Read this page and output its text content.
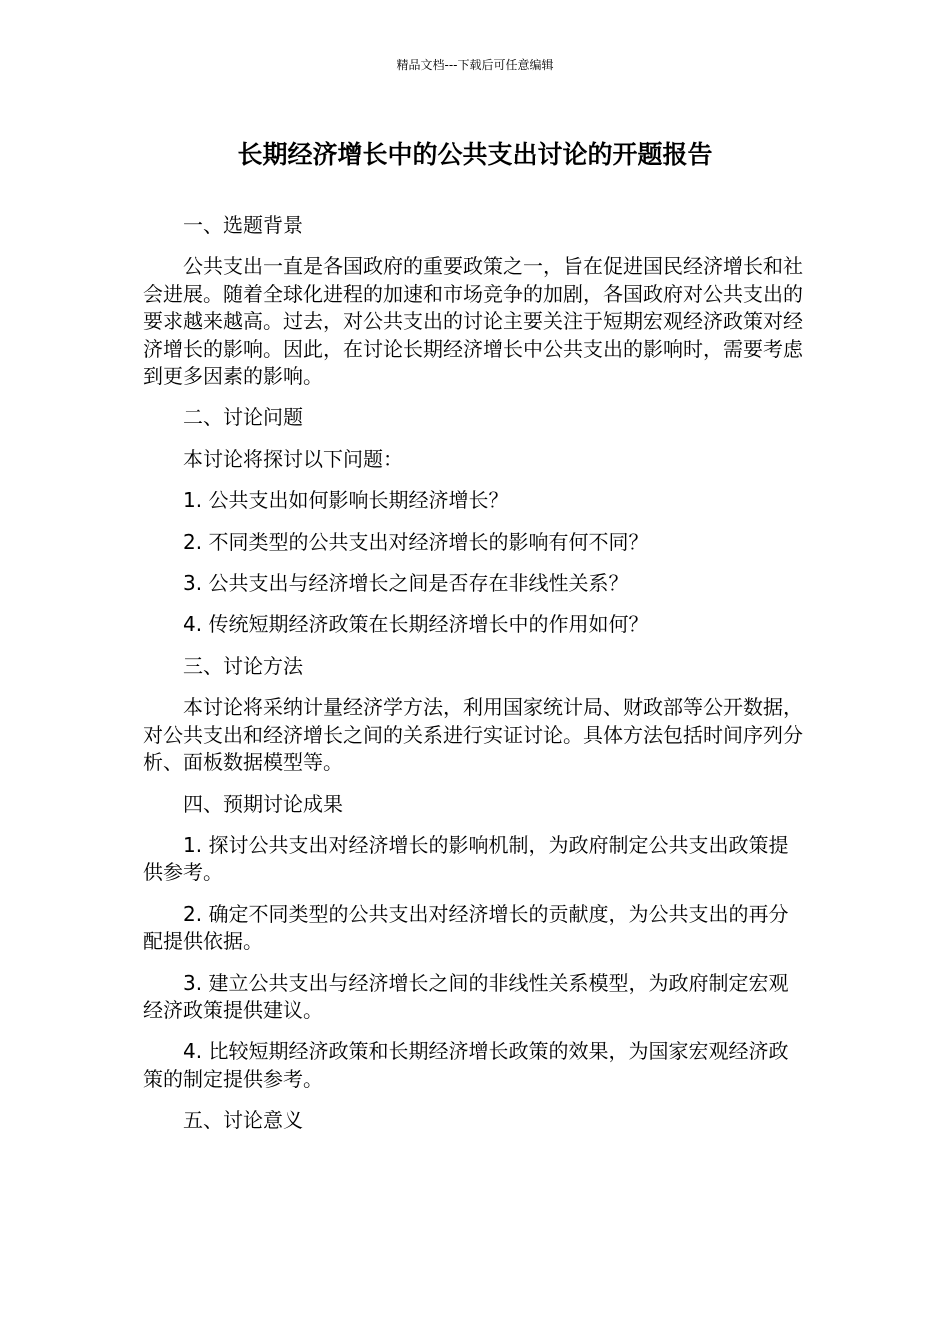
精品文档---下载后可任意编辑
长期经济增长中的公共支出讨论的开题报告

一、选题背景

公共支出一直是各国政府的重要政策之一，旨在促进国民经济增长和社会进展。随着全球化进程的加速和市场竞争的加剧，各国政府对公共支出的要求越来越高。过去，对公共支出的讨论主要关注于短期宏观经济政策对经济增长的影响。因此，在讨论长期经济增长中公共支出的影响时，需要考虑到更多因素的影响。

二、讨论问题

本讨论将探讨以下问题：

1. 公共支出如何影响长期经济增长？

2. 不同类型的公共支出对经济增长的影响有何不同？

3. 公共支出与经济增长之间是否存在非线性关系？

4. 传统短期经济政策在长期经济增长中的作用如何？

三、讨论方法

本讨论将采纳计量经济学方法，利用国家统计局、财政部等公开数据，对公共支出和经济增长之间的关系进行实证讨论。具体方法包括时间序列分析、面板数据模型等。

四、预期讨论成果

1. 探讨公共支出对经济增长的影响机制，为政府制定公共支出政策提供参考。

2. 确定不同类型的公共支出对经济增长的贡献度，为公共支出的再分配提供依据。

3. 建立公共支出与经济增长之间的非线性关系模型，为政府制定宏观经济政策提供建议。

4. 比较短期经济政策和长期经济增长政策的效果，为国家宏观经济政策的制定提供参考。

五、讨论意义
